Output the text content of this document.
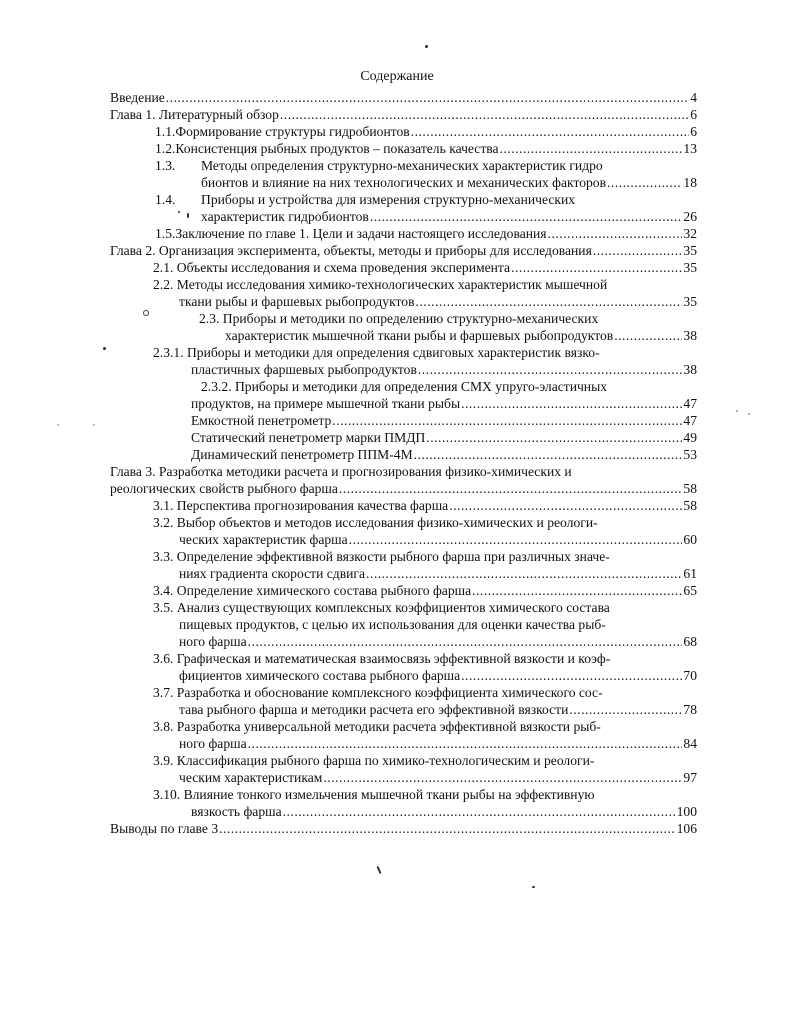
Содержание
Введение .....	4
Глава 1. Литературный обзор .....	6
1.1. Формирование структуры гидробионтов .....	6
1.2. Консистенция рыбных продуктов – показатель качества .....	13
1.3.	Методы определения структурно-механических характеристик гидро
бионтов и влияние на них технологических и механических факторов .....	18
1.4.	Приборы и устройства для измерения структурно-механических
характеристик гидробионтов .....	26
1.5. Заключение по главе 1. Цели и задачи настоящего исследования .....	32
Глава 2. Организация эксперимента, объекты, методы и приборы для исследования .....	35
2.1. Объекты исследования и схема проведения эксперимента .....	35
2.2. Методы исследования химико-технологических характеристик мышечной
ткани рыбы и фаршевых рыбопродуктов .....	35
2.3. Приборы и методики по определению структурно-механических
характеристик мышечной ткани рыбы и фаршевых рыбопродуктов .....	38
2.3.1. Приборы и методики для определения сдвиговых характеристик вязко-
пластичных фаршевых рыбопродуктов .....	38
2.3.2. Приборы и методики для определения СМХ упруго-эластичных
продуктов, на примере мышечной ткани рыбы .....	47
Емкостной пенетрометр .....	47
Статический пенетрометр марки ПМДП .....	49
Динамический пенетрометр ППМ-4М .....	53
Глава 3. Разработка методики расчета и прогнозирования физико-химических и
реологических свойств рыбного фарша .....	58
3.1. Перспектива прогнозирования качества фарша .....	58
3.2. Выбор объектов и методов исследования физико-химических и реологи-
ческих характеристик фарша .....	60
3.3. Определение эффективной вязкости рыбного фарша при различных значе-
ниях градиента скорости сдвига .....	61
3.4. Определение химического состава рыбного фарша .....	65
3.5. Анализ существующих комплексных коэффициентов химического состава
пищевых продуктов, с целью их использования для оценки качества рыб-
ного фарша .....	68
3.6. Графическая и математическая взаимосвязь эффективной вязкости и коэф-
фициентов химического состава рыбного фарша .....	70
3.7. Разработка и обоснование комплексного коэффициента химического сос-
тава рыбного фарша и методики расчета его эффективной вязкости .....	78
3.8. Разработка универсальной методики расчета эффективной вязкости рыб-
ного фарша .....	84
3.9. Классификация рыбного фарша по химико-технологическим и реологи-
ческим характеристикам .....	97
3.10. Влияние тонкого измельчения мышечной ткани рыбы на эффективную
вязкость фарша .....	100
Выводы по главе 3 .....	106
